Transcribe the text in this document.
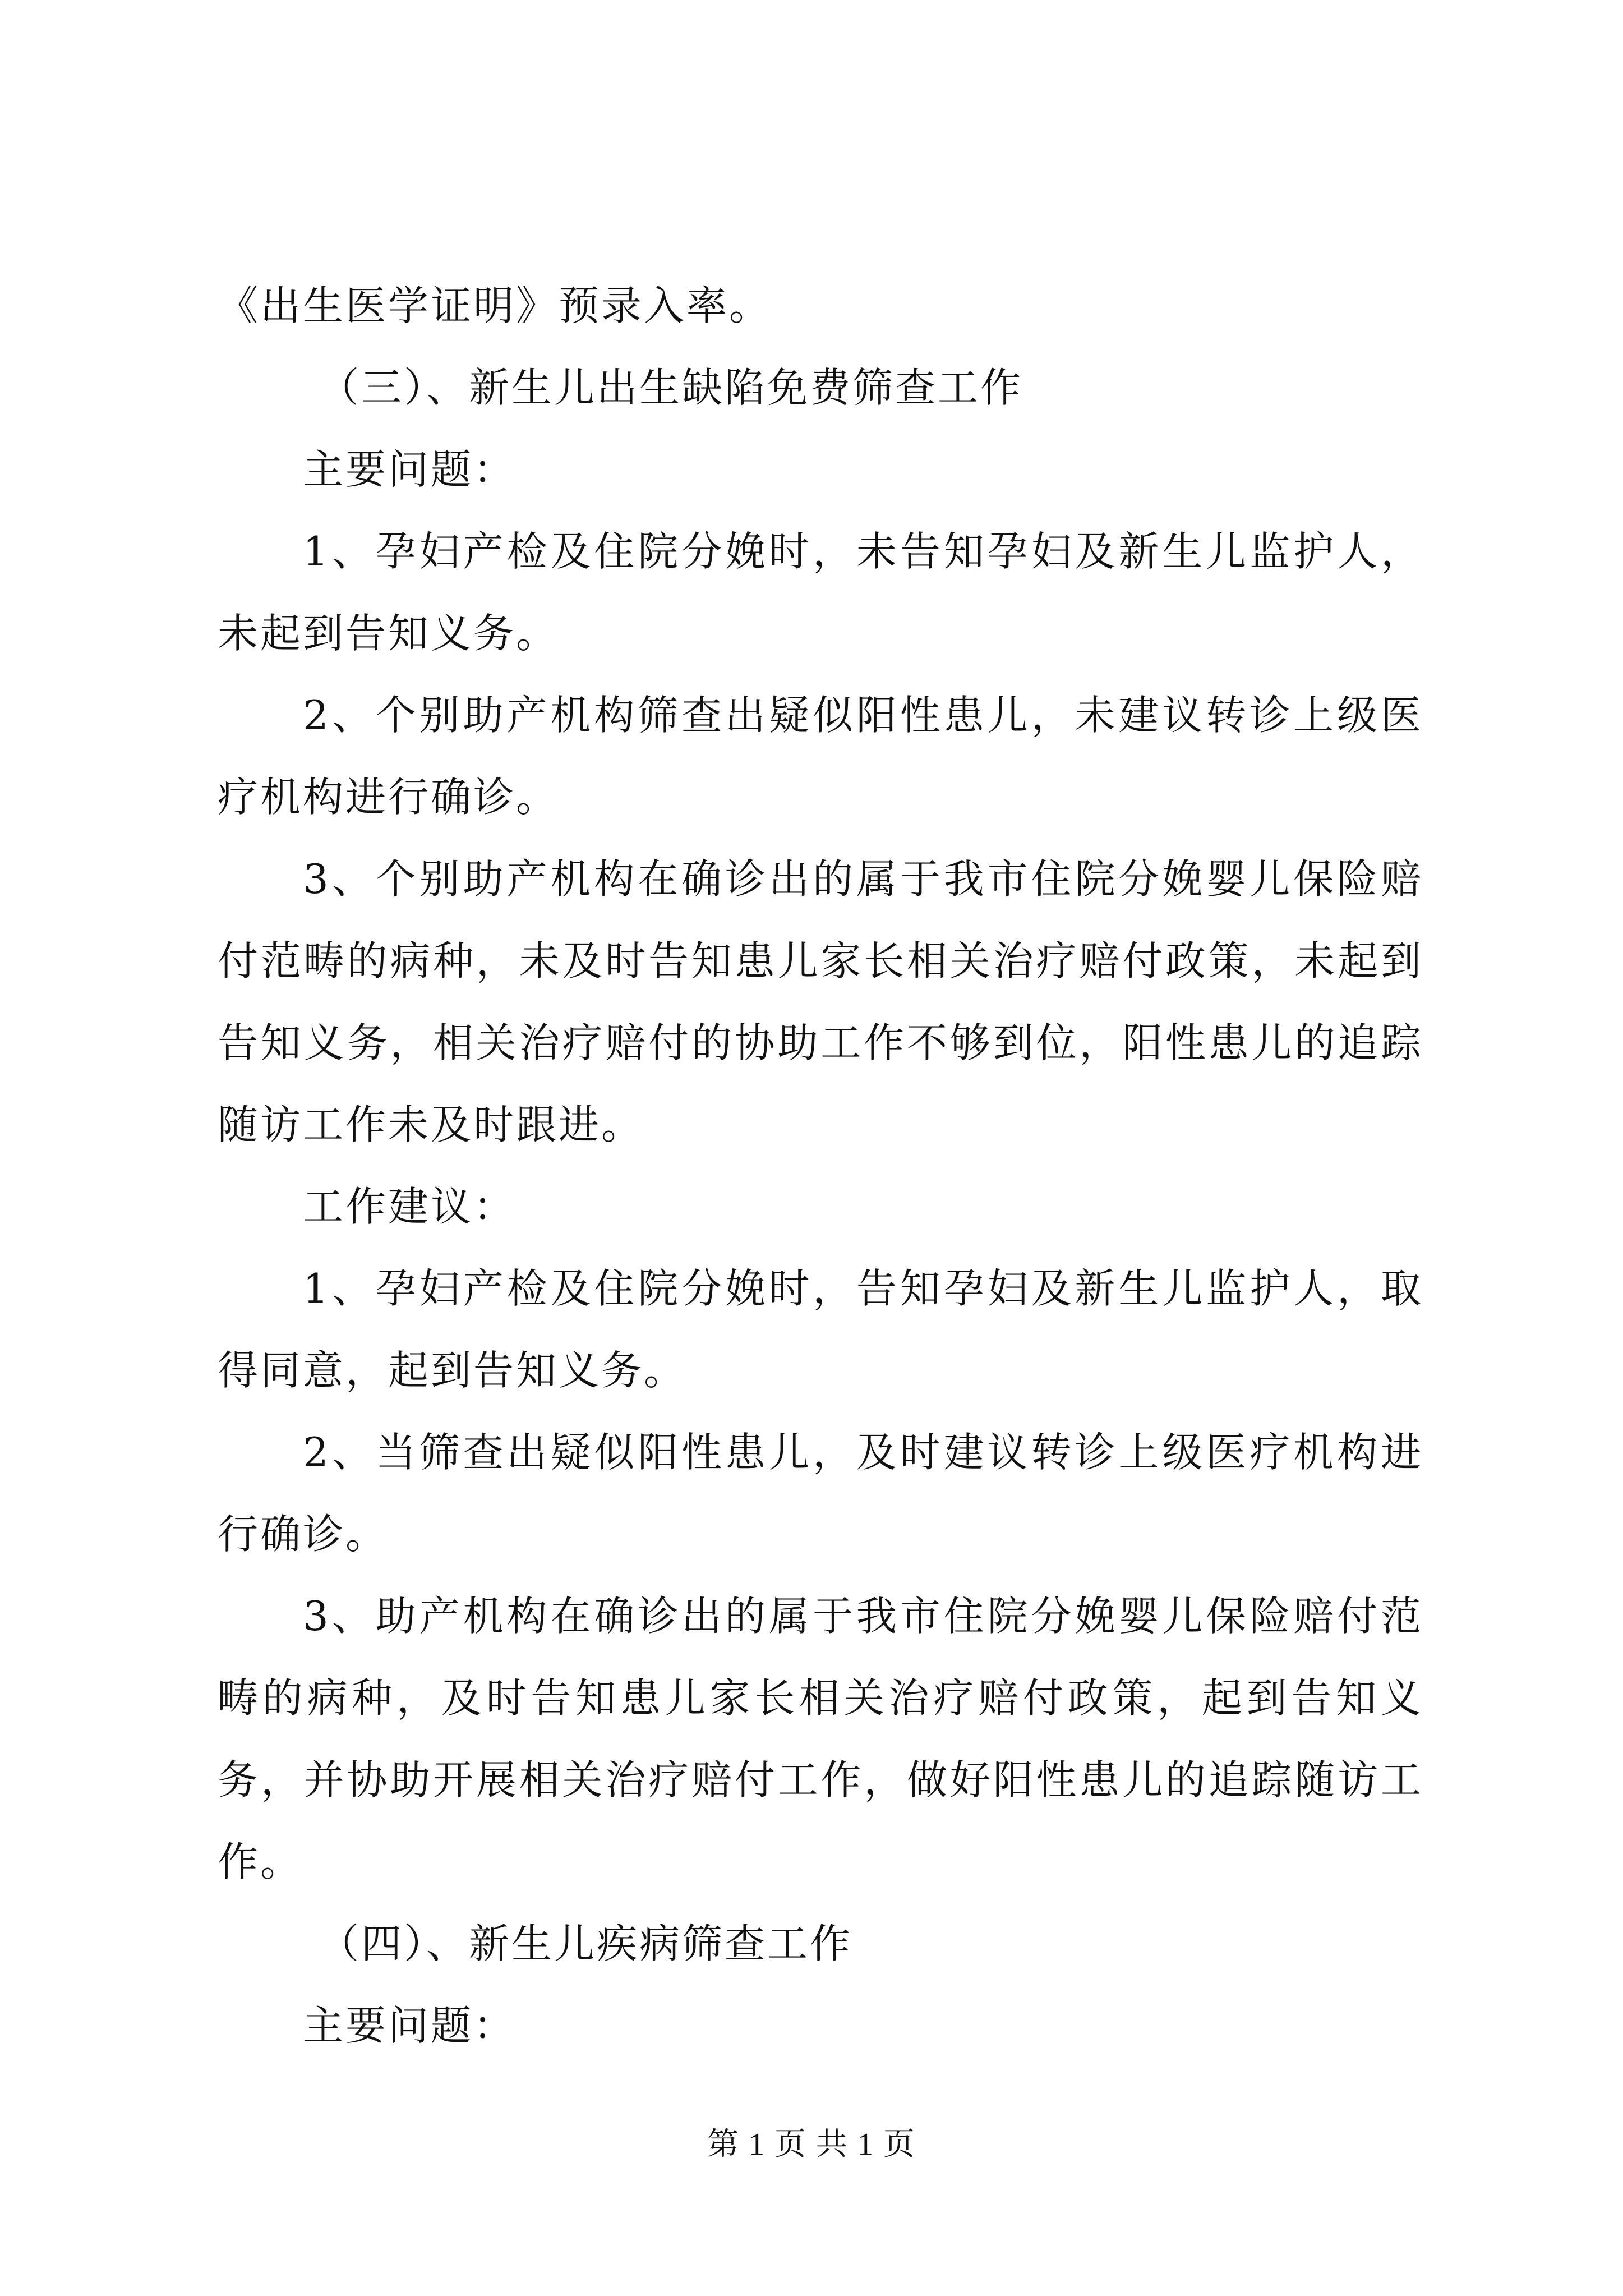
《出生医学证明》预录入率。

（三）、新生儿出生缺陷免费筛查工作

主要问题：

1、孕妇产检及住院分娩时，未告知孕妇及新生儿监护人，未起到告知义务。

2、个别助产机构筛查出疑似阳性患儿，未建议转诊上级医疗机构进行确诊。

3、个别助产机构在确诊出的属于我市住院分娩婴儿保险赔付范畴的病种，未及时告知患儿家长相关治疗赔付政策，未起到告知义务，相关治疗赔付的协助工作不够到位，阳性患儿的追踪随访工作未及时跟进。

工作建议：

1、孕妇产检及住院分娩时，告知孕妇及新生儿监护人，取得同意，起到告知义务。

2、当筛查出疑似阳性患儿，及时建议转诊上级医疗机构进行确诊。

3、助产机构在确诊出的属于我市住院分娩婴儿保险赔付范畴的病种，及时告知患儿家长相关治疗赔付政策，起到告知义务，并协助开展相关治疗赔付工作，做好阳性患儿的追踪随访工作。

（四）、新生儿疾病筛查工作

主要问题：

第 1 页 共 1 页
